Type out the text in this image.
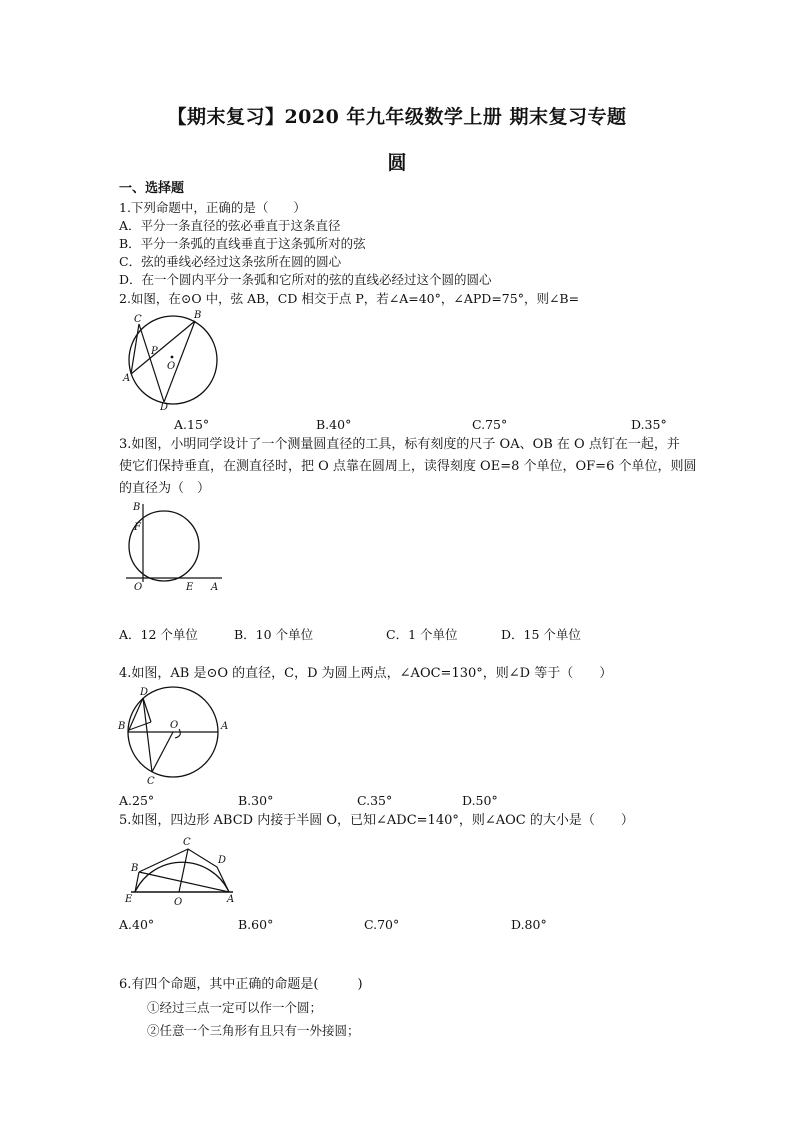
【期末复习】2020 年九年级数学上册 期末复习专题
圆
一、选择题
1.下列命题中，正确的是（　　）
A．平分一条直径的弦必垂直于这条直径
B．平分一条弧的直线垂直于这条弧所对的弦
C．弦的垂线必经过这条弦所在圆的圆心
D．在一个圆内平分一条弧和它所对的弦的直线必经过这个圆的圆心
2.如图，在⊙O 中，弦 AB，CD 相交于点 P，若∠A=40°，∠APD=75°，则∠B=
C	B
P
O
A
D
A.15°	B.40°	C.75°	D.35°
3.如图，小明同学设计了一个测量圆直径的工具，标有刻度的尺子 OA、OB 在 O 点钉在一起，并
使它们保持垂直，在测直径时，把 O 点靠在圆周上，读得刻度 OE=8 个单位，OF=6 个单位，则圆
的直径为（　）
B
F
O	E A
A．12 个单位	B．10 个单位	C．1 个单位	D．15 个单位
4.如图，AB 是⊙O 的直径，C，D 为圆上两点，∠AOC=130°，则∠D 等于（　　）
D
B	O	A
C
A.25°	B.30°	C.35°	D.50°
5.如图，四边形 ABCD 内接于半圆 O，已知∠ADC=140°，则∠AOC 的大小是（　　）
C
B
D
E	O	A
A.40°	B.60°	C.70°	D.80°
6.有四个命题，其中正确的命题是(　　　)
①经过三点一定可以作一个圆；
②任意一个三角形有且只有一外接圆；
